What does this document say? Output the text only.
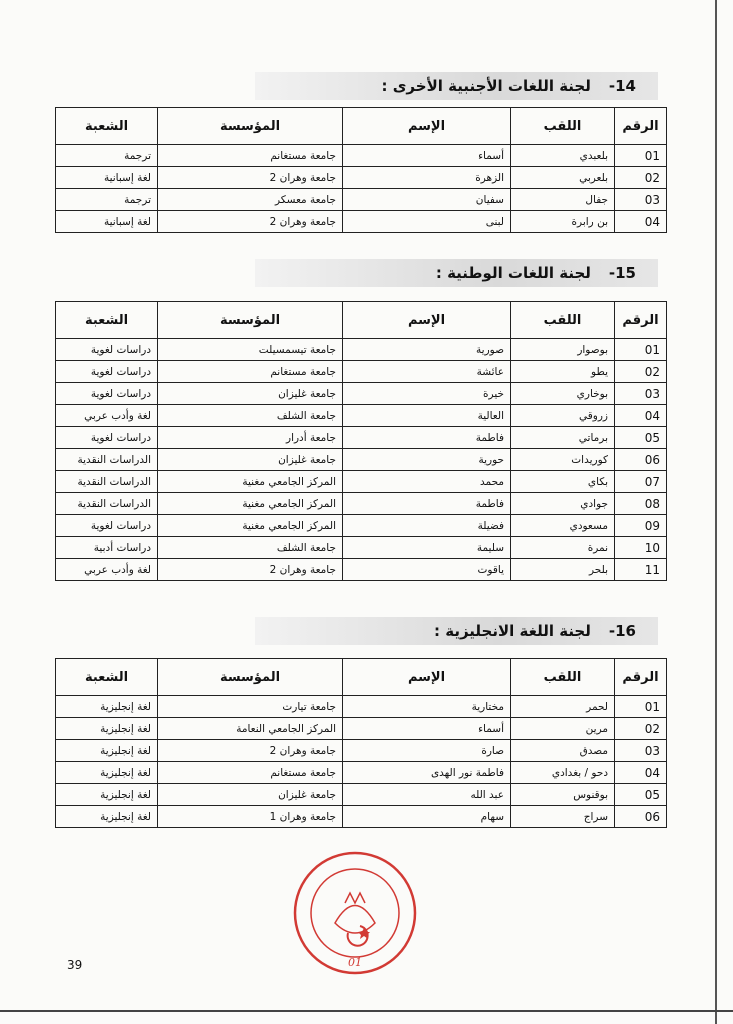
14-
لجنة اللغات الأجنبية الأخرى :
الرقم	اللقب	الإسم	المؤسسة	الشعبة
01	بلعبدي	أسماء	جامعة مستغانم	ترجمة
02	بلعربي	الزهرة	جامعة وهران 2	لغة إسبانية
03	جفال	سفيان	جامعة معسكر	ترجمة
04	بن رابرة	لبنى	جامعة وهران 2	لغة إسبانية
15-
لجنة اللغات الوطنية :
الرقم	اللقب	الإسم	المؤسسة	الشعبة
01	بوصوار	صورية	جامعة تيسمسيلت	دراسات لغوية
02	يطو	عائشة	جامعة مستغانم	دراسات لغوية
03	بوخاري	خيرة	جامعة غليزان	دراسات لغوية
04	زروقي	العالية	جامعة الشلف	لغة وأدب عربي
05	برماتي	فاطمة	جامعة أدرار	دراسات لغوية
06	كوريدات	حورية	جامعة غليزان	الدراسات النقدية
07	بكاي	محمد	المركز الجامعي مغنية	الدراسات النقدية
08	جوادي	فاطمة	المركز الجامعي مغنية	الدراسات النقدية
09	مسعودي	فضيلة	المركز الجامعي مغنية	دراسات لغوية
10	نمرة	سليمة	جامعة الشلف	دراسات أدبية
11	بلحر	ياقوت	جامعة وهران 2	لغة وأدب عربي
16-
لجنة اللغة الانجليزية :
الرقم	اللقب	الإسم	المؤسسة	الشعبة
01	لحمر	مختارية	جامعة تيارت	لغة إنجليزية
02	مرين	أسماء	المركز الجامعي النعامة	لغة إنجليزية
03	مصدق	صارة	جامعة وهران 2	لغة إنجليزية
04	دحو / بغدادي	فاطمة نور الهدى	جامعة مستغانم	لغة إنجليزية
05	بوقنوس	عبد الله	جامعة غليزان	لغة إنجليزية
06	سراج	سهام	جامعة وهران 1	لغة إنجليزية
01
39
